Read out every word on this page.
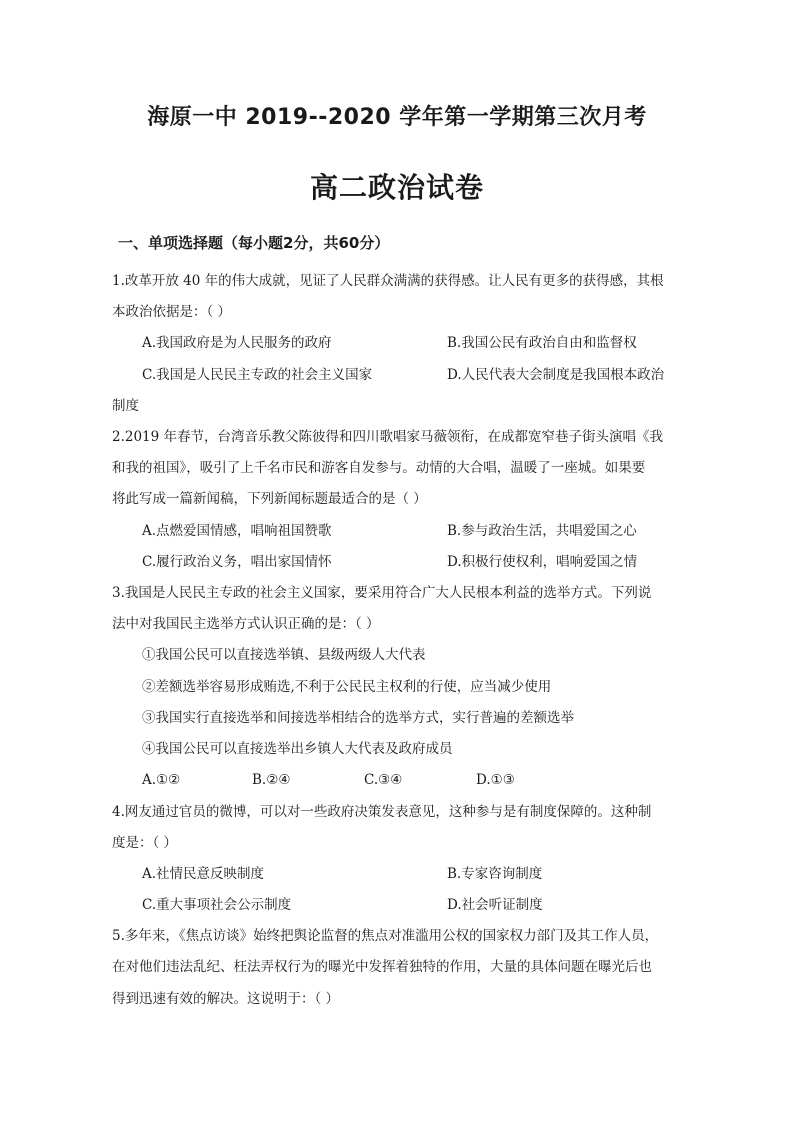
海原一中 2019--2020 学年第一学期第三次月考
高二政治试卷
一、单项选择题（每小题2分，共60分）
1.改革开放 40 年的伟大成就，见证了人民群众满满的获得感。让人民有更多的获得感，其根
本政治依据是：（ ）
A.我国政府是为人民服务的政府	B.我国公民有政治自由和监督权
C.我国是人民民主专政的社会主义国家	D.人民代表大会制度是我国根本政治
制度
2.2019 年春节，台湾音乐教父陈彼得和四川歌唱家马薇领衔，在成都宽窄巷子街头演唱《我
和我的祖国》，吸引了上千名市民和游客自发参与。动情的大合唱，温暖了一座城。如果要
将此写成一篇新闻稿，下列新闻标题最适合的是（ ）
A.点燃爱国情感，唱响祖国赞歌	B.参与政治生活，共唱爱国之心
C.履行政治义务，唱出家国情怀	D.积极行使权利，唱响爱国之情
3.我国是人民民主专政的社会主义国家，要采用符合广大人民根本利益的选举方式。下列说
法中对我国民主选举方式认识正确的是：（ ）
①我国公民可以直接选举镇、县级两级人大代表
②差额选举容易形成贿选,不利于公民民主权利的行使，应当减少使用
③我国实行直接选举和间接选举相结合的选举方式，实行普遍的差额选举
④我国公民可以直接选举出乡镇人大代表及政府成员
A.①②	B.②④	C.③④	D.①③
4.网友通过官员的微博，可以对一些政府决策发表意见，这种参与是有制度保障的。这种制
度是：（ ）
A.社情民意反映制度	B.专家咨询制度
C.重大事项社会公示制度	D.社会听证制度
5.多年来，《焦点访谈》始终把舆论监督的焦点对准滥用公权的国家权力部门及其工作人员，
在对他们违法乱纪、枉法弄权行为的曝光中发挥着独特的作用，大量的具体问题在曝光后也
得到迅速有效的解决。这说明于：（ ）
